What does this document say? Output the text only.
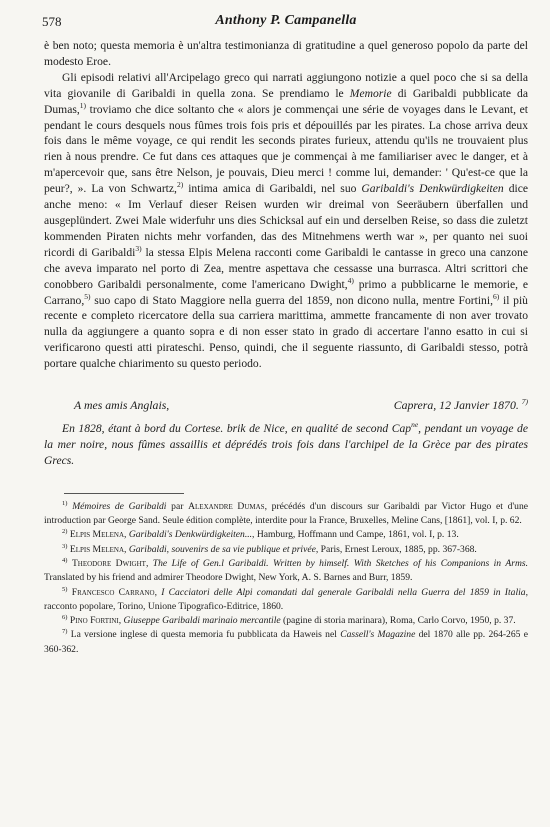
578	Anthony P. Campanella

è ben noto; questa memoria è un'altra testimonianza di gratitudine a quel generoso popolo da parte del modesto Eroe.

Gli episodi relativi all'Arcipelago greco qui narrati aggiungono notizie a quel poco che si sa della vita giovanile di Garibaldi in quella zona. Se prendiamo le Memorie di Garibaldi pubblicate da Dumas,$^{1)}$ troviamo che dice soltanto che « alors je commençai une série de voyages dans le Levant, et pendant le cours desquels nous fûmes trois fois pris et dépouillés par les pirates. La chose arriva deux fois dans le même voyage, ce qui rendit les seconds pirates furieux, attendu qu'ils ne trouvaient plus rien à nous prendre. Ce fut dans ces attaques que je commençai à me familiariser avec le danger, et à m'apercevoir que, sans être Nelson, je pouvais, Dieu merci ! comme lui, demander: ' Qu'est-ce que la peur?, ». La von Schwartz,$^{2)}$ intima amica di Garibaldi, nel suo Garibaldi's Denkwürdigkeiten dice anche meno: « Im Verlauf dieser Reisen wurden wir dreimal von Seeräubern überfallen und ausgeplündert. Zwei Male widerfuhr uns dies Schicksal auf ein und derselben Reise, so dass die zuletzt kommenden Piraten nichts mehr vorfanden, das des Mitnehmens werth war », per quanto nei suoi ricordi di Garibaldi$^{3)}$ la stessa Elpis Melena racconti come Garibaldi le cantasse in greco una canzone che aveva imparato nel porto di Zea, mentre aspettava che cessasse una burrasca. Altri scrittori che conobbero Garibaldi personalmente, come l'americano Dwight,$^{4)}$ primo a pubblicarne le memorie, e Carrano,$^{5)}$ suo capo di Stato Maggiore nella guerra del 1859, non dicono nulla, mentre Fortini,$^{6)}$ il più recente e completo ricercatore della sua carriera marittima, ammette francamente di non aver trovato nulla da aggiungere a quanto sopra e di non esser stato in grado di accertare l'anno esatto in cui si verificarono questi atti pirateschi. Penso, quindi, che il seguente riassunto, di Garibaldi stesso, potrà portare qualche chiarimento su questo periodo.

A mes amis Anglais,	Caprera, 12 Janvier 1870. $^{7)}$

En 1828, étant à bord du Cortese. brik de Nice, en qualité de second Cap$^{ne}$, pendant un voyage de la mer noire, nous fûmes assaillis et déprédés trois fois dans l'archipel de la Grèce par des pirates Grecs.

$^{1)}$ Mémoires de Garibaldi par Alexandre Dumas, précédés d'un discours sur Garibaldi par Victor Hugo et d'une introduction par George Sand. Seule édition complète, interdite pour la France, Bruxelles, Meline Cans, [1861], vol. I, p. 62.

$^{2)}$ Elpis Melena, Garibaldi's Denkwürdigkeiten..., Hamburg, Hoffmann und Campe, 1861, vol. I, p. 13.

$^{3)}$ Elpis Melena, Garibaldi, souvenirs de sa vie publique et privée, Paris, Ernest Leroux, 1885, pp. 367-368.

$^{4)}$ Theodore Dwight, The Life of Gen.l Garibaldi. Written by himself. With Sketches of his Companions in Arms. Translated by his friend and admirer Theodore Dwight, New York, A. S. Barnes and Burr, 1859.

$^{5)}$ Francesco Carrano, I Cacciatori delle Alpi comandati dal generale Garibaldi nella Guerra del 1859 in Italia, racconto popolare, Torino, Unione Tipografico-Editrice, 1860.

$^{6)}$ Pino Fortini, Giuseppe Garibaldi marinaio mercantile (pagine di storia marinara), Roma, Carlo Corvo, 1950, p. 37.

$^{7)}$ La versione inglese di questa memoria fu pubblicata da Haweis nel Cassell's Magazine del 1870 alle pp. 264-265 e 360-362.
